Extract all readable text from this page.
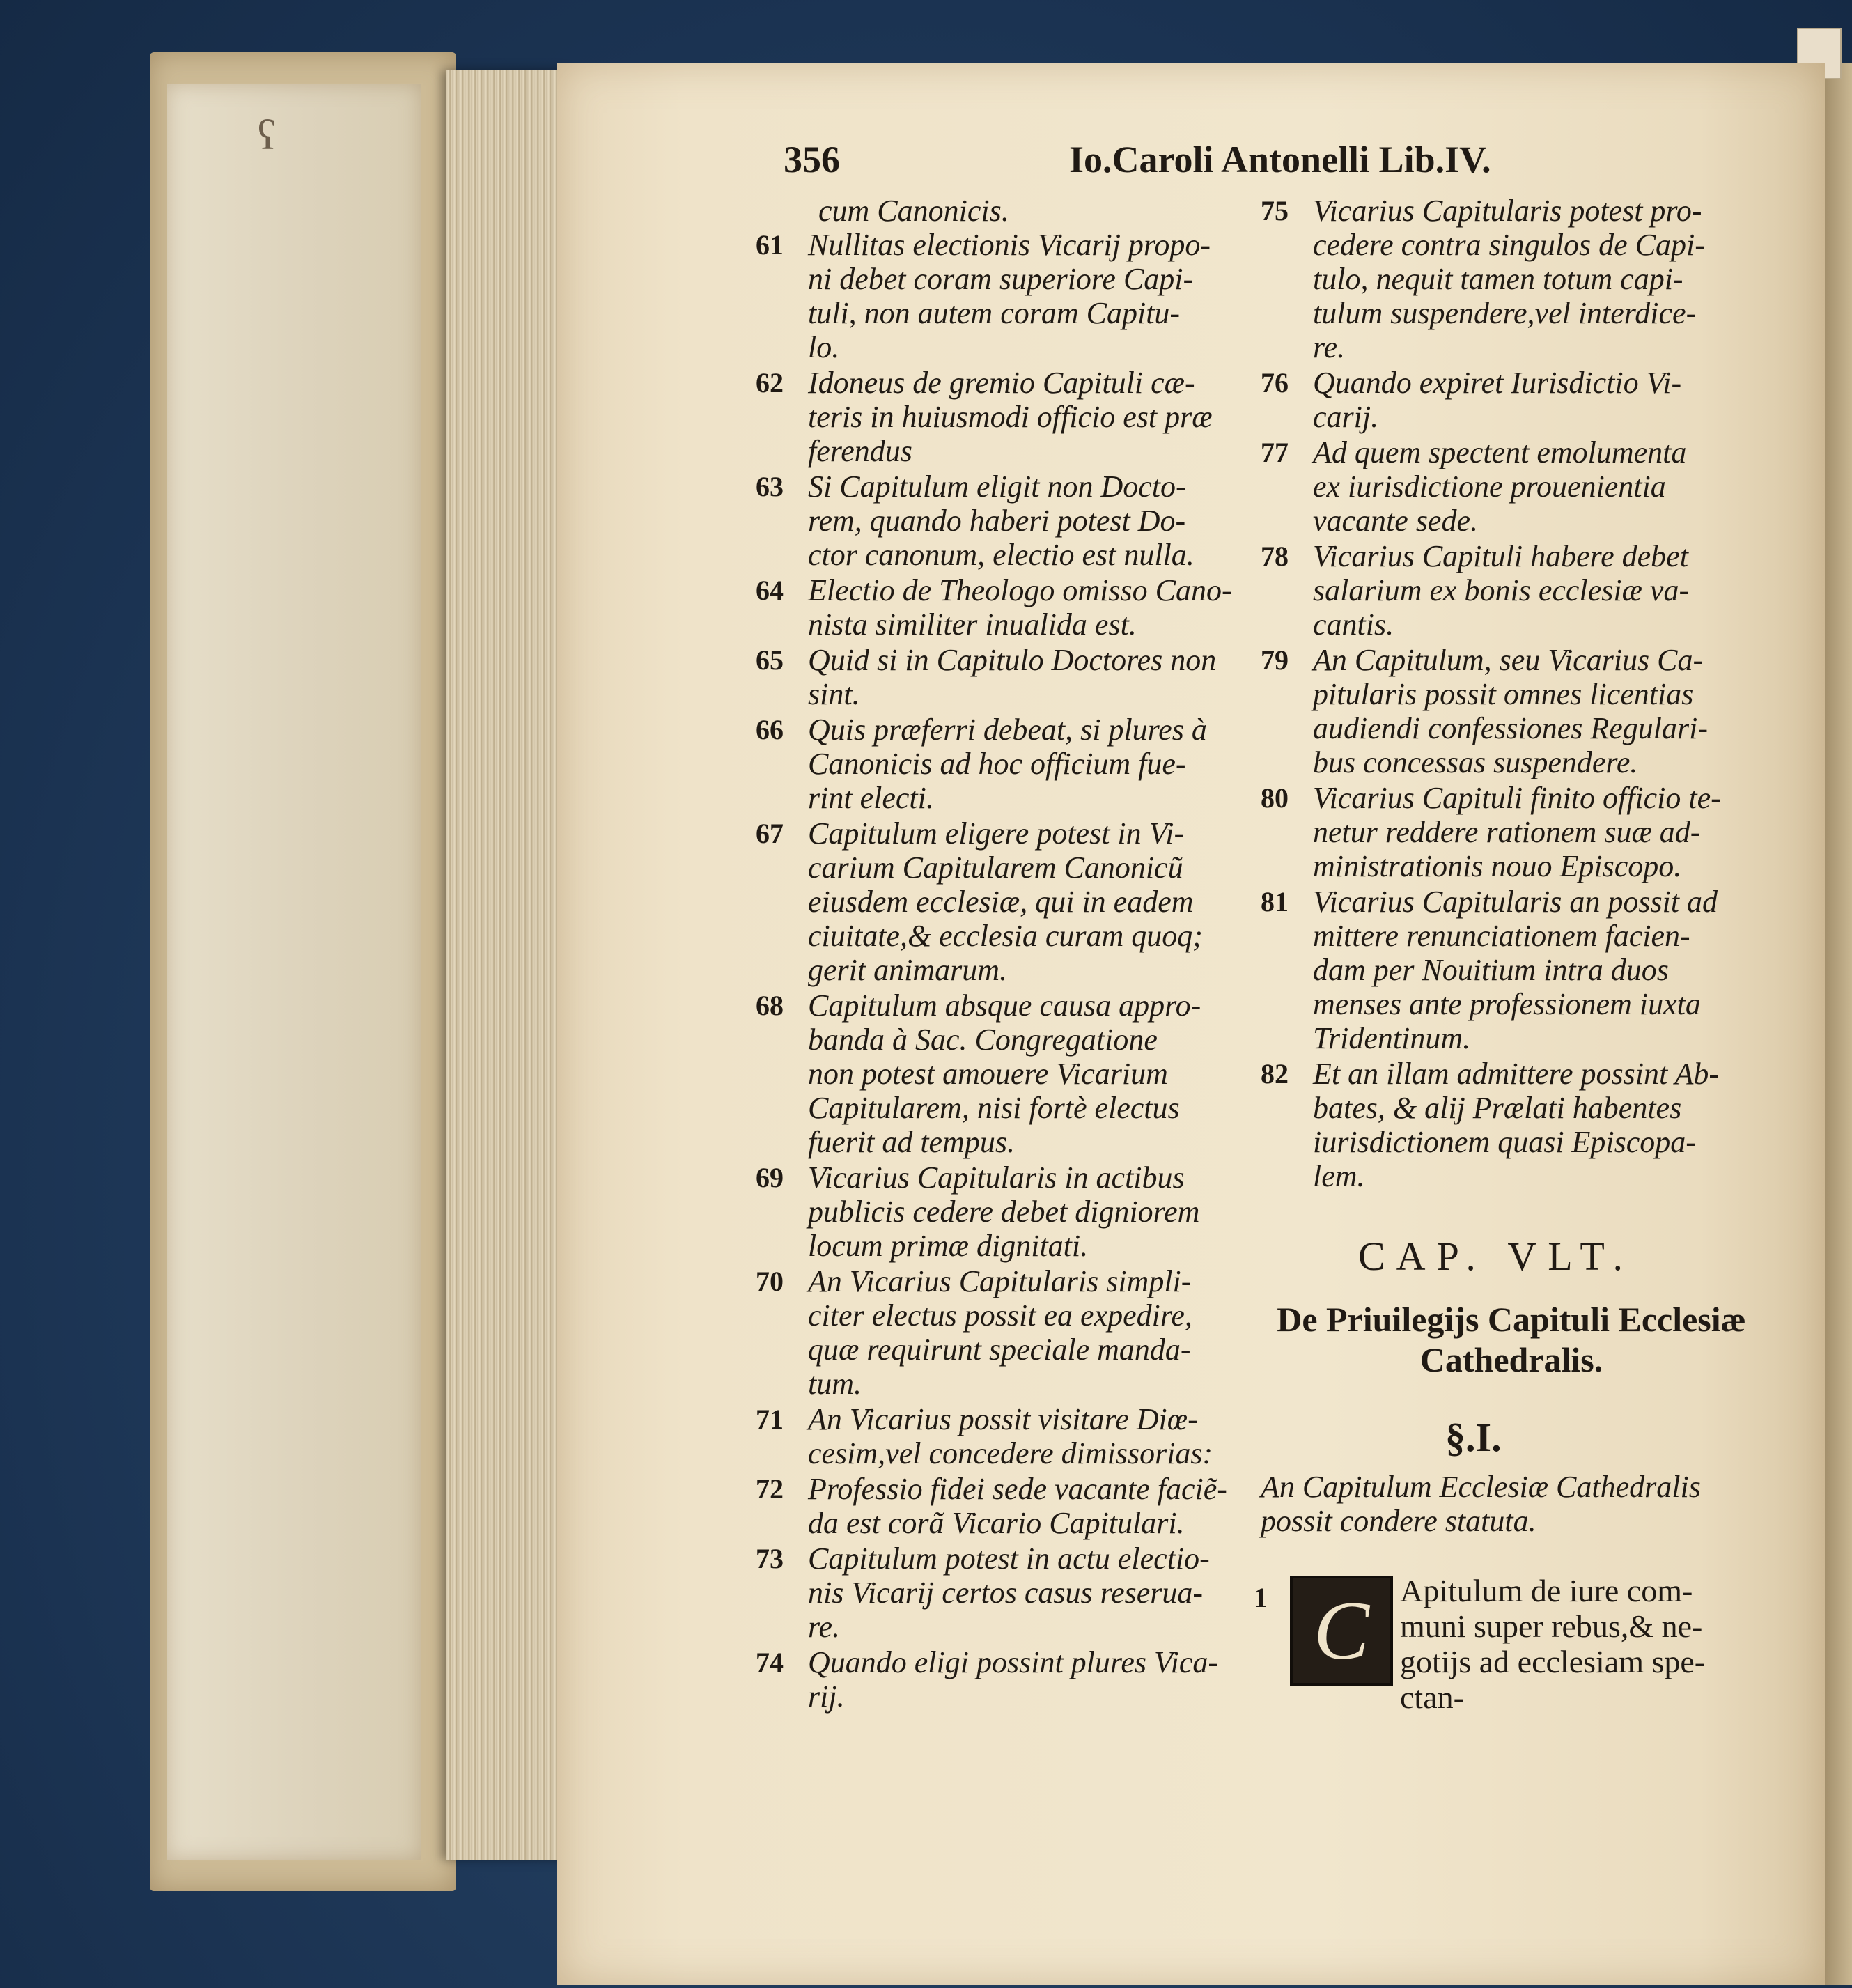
ʕ
356	Io.Caroli Antonelli Lib.IV.
cum Canonicis.
61 Nullitas electionis Vicarij propo-
ni debet coram superiore Capi-
tuli, non autem coram Capitu-
lo.
62 Idoneus de gremio Capituli cæ-
teris in huiusmodi officio est præ
ferendus
63 Si Capitulum eligit non Docto-
rem, quando haberi potest Do-
ctor canonum, electio est nulla.
64 Electio de Theologo omisso Cano-
nista similiter inualida est.
65 Quid si in Capitulo Doctores non
sint.
66 Quis præferri debeat, si plures à
Canonicis ad hoc officium fue-
rint electi.
67 Capitulum eligere potest in Vi-
carium Capitularem Canonicũ
eiusdem ecclesiæ, qui in eadem
ciuitate,& ecclesia curam quoq;
gerit animarum.
68 Capitulum absque causa appro-
banda à Sac. Congregatione
non potest amouere Vicarium
Capitularem, nisi fortè electus
fuerit ad tempus.
69 Vicarius Capitularis in actibus
publicis cedere debet digniorem
locum primæ dignitati.
70 An Vicarius Capitularis simpli-
citer electus possit ea expedire,
quæ requirunt speciale manda-
tum.
71 An Vicarius possit visitare Diœ-
cesim,vel concedere dimissorias:
72 Professio fidei sede vacante faciẽ-
da est corã Vicario Capitulari.
73 Capitulum potest in actu electio-
nis Vicarij certos casus reserua-
re.
74 Quando eligi possint plures Vica-
rij.
75 Vicarius Capitularis potest pro-
cedere contra singulos de Capi-
tulo, nequit tamen totum capi-
tulum suspendere,vel interdice-
re.
76 Quando expiret Iurisdictio Vi-
carij.
77 Ad quem spectent emolumenta
ex iurisdictione prouenientia
vacante sede.
78 Vicarius Capituli habere debet
salarium ex bonis ecclesiæ va-
cantis.
79 An Capitulum, seu Vicarius Ca-
pitularis possit omnes licentias
audiendi confessiones Regulari-
bus concessas suspendere.
80 Vicarius Capituli finito officio te-
netur reddere rationem suæ ad-
ministrationis nouo Episcopo.
81 Vicarius Capitularis an possit ad
mittere renunciationem facien-
dam per Nouitium intra duos
menses ante professionem iuxta
Tridentinum.
82 Et an illam admittere possint Ab-
bates, & alij Prælati habentes
iurisdictionem quasi Episcopa-
lem.
CAP. VLT.
De Priuilegijs Capituli Ecclesiæ
Cathedralis.
§.I.
An Capitulum Ecclesiæ Cathedralis
possit condere statuta.
1 C Apitulum de iure com-
muni super rebus,& ne-
gotijs ad ecclesiam spe-
ctan-
